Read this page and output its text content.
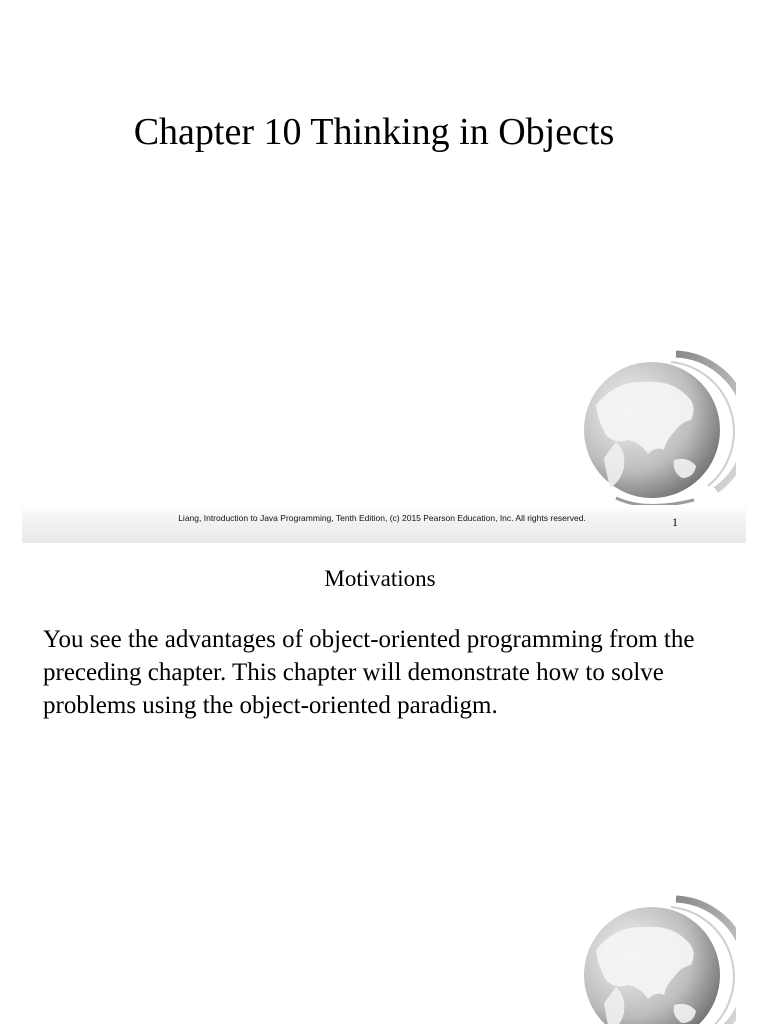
Chapter 10 Thinking in Objects
Liang, Introduction to Java Programming, Tenth Edition, (c) 2015 Pearson Education, Inc. All rights reserved.	1
Motivations

You see the advantages of object-oriented programming from the preceding chapter. This chapter will demonstrate how to solve problems using the object-oriented paradigm.
